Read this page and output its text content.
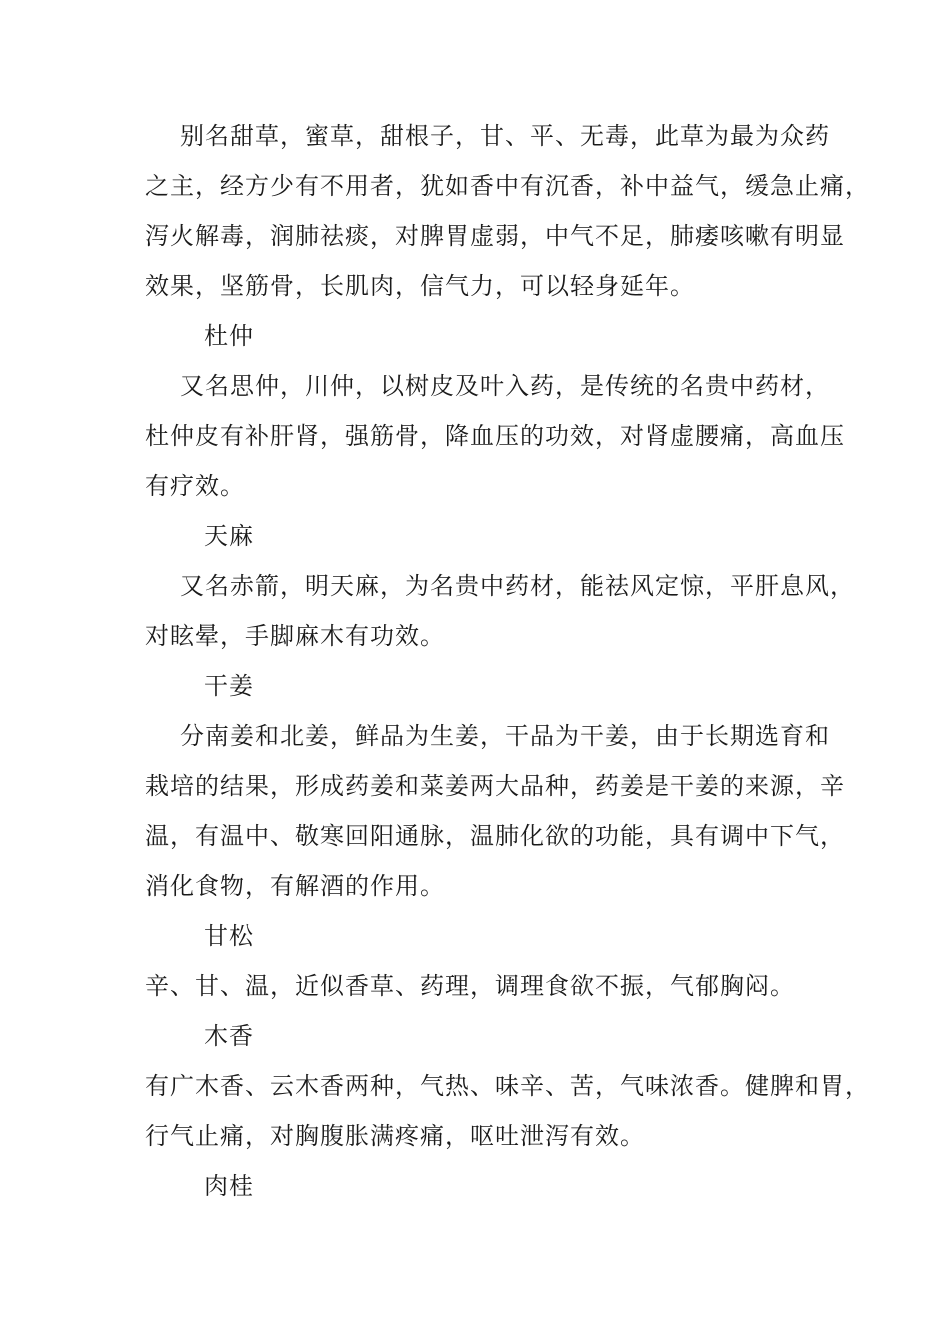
别名甜草，蜜草，甜根子，甘、平、无毒，此草为最为众药
之主，经方少有不用者，犹如香中有沉香，补中益气，缓急止痛，
泻火解毒，润肺祛痰，对脾胃虚弱，中气不足，肺痿咳嗽有明显
效果，坚筋骨，长肌肉，信气力，可以轻身延年。
杜仲
又名思仲，川仲，以树皮及叶入药，是传统的名贵中药材，
杜仲皮有补肝肾，强筋骨，降血压的功效，对肾虚腰痛，高血压
有疗效。
天麻
又名赤箭，明天麻，为名贵中药材，能祛风定惊，平肝息风，
对眩晕，手脚麻木有功效。
干姜
分南姜和北姜，鲜品为生姜，干品为干姜，由于长期选育和
栽培的结果，形成药姜和菜姜两大品种，药姜是干姜的来源，辛
温，有温中、敬寒回阳通脉，温肺化欲的功能，具有调中下气，
消化食物，有解酒的作用。
甘松
辛、甘、温，近似香草、药理，调理食欲不振，气郁胸闷。
木香
有广木香、云木香两种，气热、味辛、苦，气味浓香。健脾和胃，
行气止痛，对胸腹胀满疼痛，呕吐泄泻有效。
肉桂
